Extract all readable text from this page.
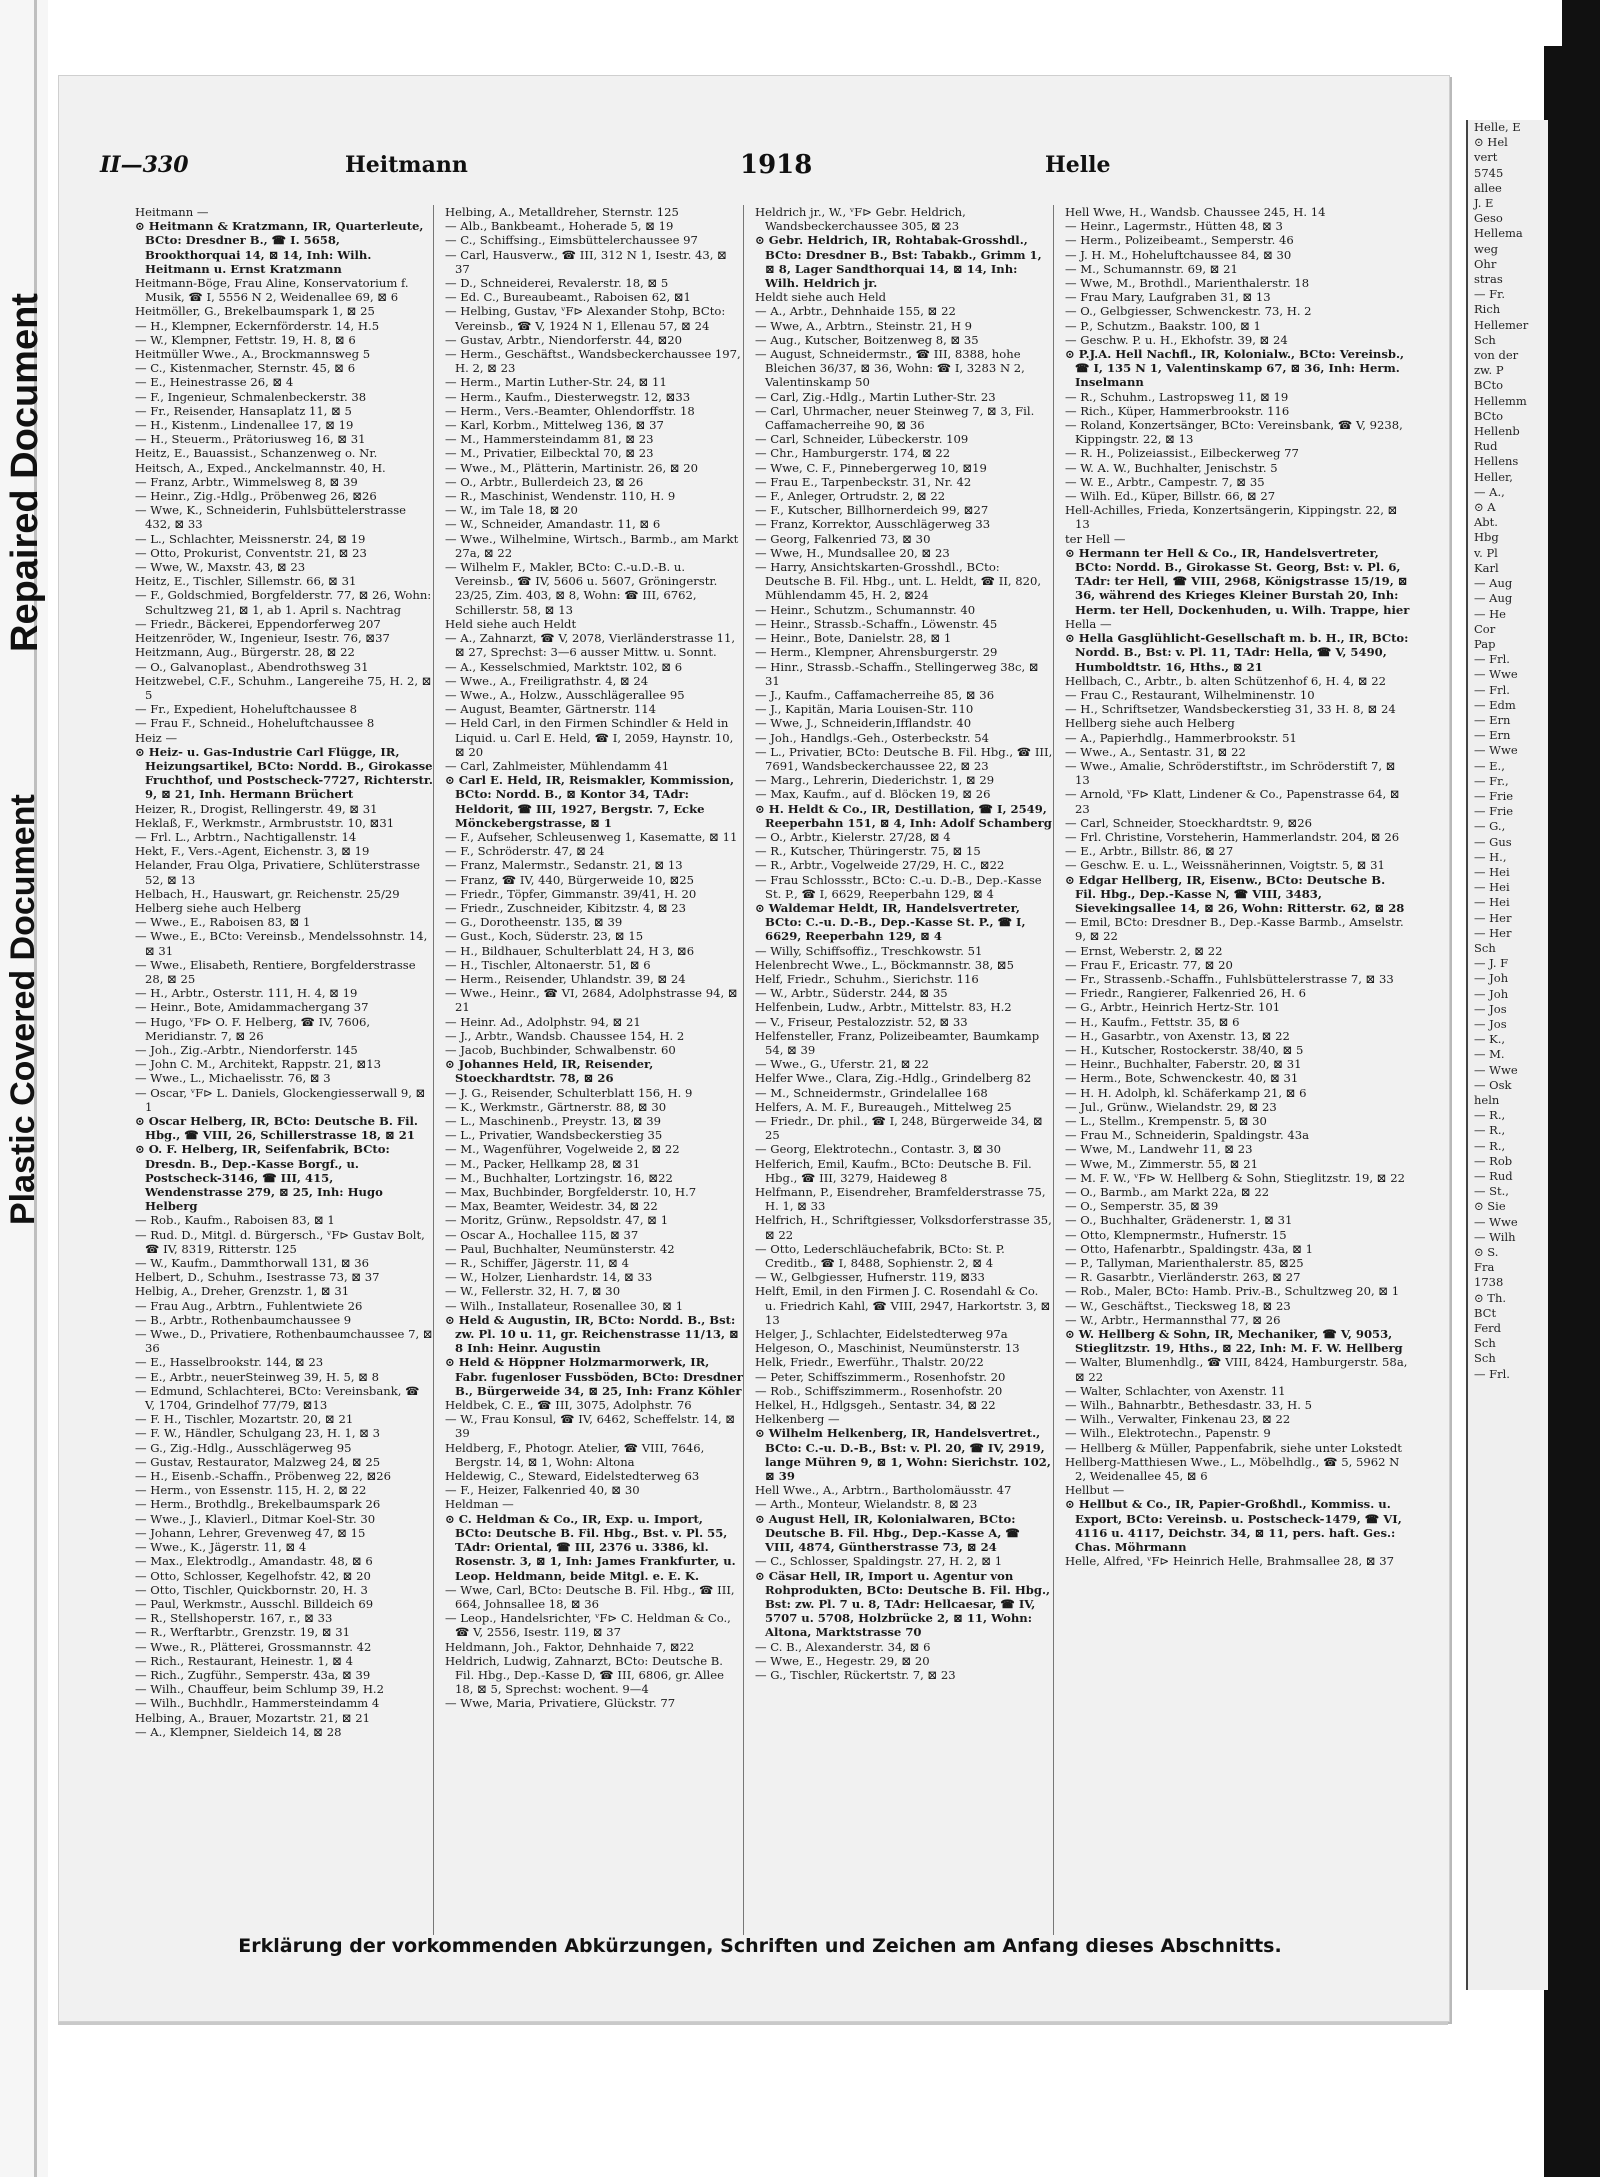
Repaired Document
Plastic Covered Document
II—330	Heitmann	1918	Helle

Heitmann —

⊙ Heitmann & Kratzmann, IR, Quarterleute, BCto: Dresdner B., ☎ I. 5658, Brookthorquai 14, ⊠ 14, Inh: Wilh. Heitmann u. Ernst Kratzmann

Heitmann-Böge, Frau Aline, Konservatorium f. Musik, ☎ I, 5556 N 2, Weidenallee 69, ⊠ 6

Heitmöller, G., Brekelbaumspark 1, ⊠ 25

— H., Klempner, Eckernförderstr. 14, H.5

— W., Klempner, Fettstr. 19, H. 8, ⊠ 6

Heitmüller Wwe., A., Brockmannsweg 5

— C., Kistenmacher, Sternstr. 45, ⊠ 6

— E., Heinestrasse 26, ⊠ 4

— F., Ingenieur, Schmalenbeckerstr. 38

— Fr., Reisender, Hansaplatz 11, ⊠ 5

— H., Kistenm., Lindenallee 17, ⊠ 19

— H., Steuerm., Prätoriusweg 16, ⊠ 31

Heitz, E., Bauassist., Schanzenweg o. Nr.

Heitsch, A., Exped., Anckelmannstr. 40, H.

— Franz, Arbtr., Wimmelsweg 8, ⊠ 39

— Heinr., Zig.-Hdlg., Pröbenweg 26, ⊠26

— Wwe, K., Schneiderin, Fuhlsbüttelerstrasse 432, ⊠ 33

— L., Schlachter, Meissnerstr. 24, ⊠ 19

— Otto, Prokurist, Conventstr. 21, ⊠ 23

— Wwe, W., Maxstr. 43, ⊠ 23

Heitz, E., Tischler, Sillemstr. 66, ⊠ 31

— F., Goldschmied, Borgfelderstr. 77, ⊠ 26, Wohn: Schultzweg 21, ⊠ 1, ab 1. April s. Nachtrag

— Friedr., Bäckerei, Eppendorferweg 207

Heitzenröder, W., Ingenieur, Isestr. 76, ⊠37

Heitzmann, Aug., Bürgerstr. 28, ⊠ 22

— O., Galvanoplast., Abendrothsweg 31

Heitzwebel, C.F., Schuhm., Langereihe 75, H. 2, ⊠ 5

— Fr., Expedient, Hoheluftchaussee 8

— Frau F., Schneid., Hoheluftchaussee 8

Heiz —

⊙ Heiz- u. Gas-Industrie Carl Flügge, IR, Heizungsartikel, BCto: Nordd. B., Girokasse Fruchthof, und Postscheck-7727, Richterstr. 9, ⊠ 21, Inh. Hermann Brüchert

Heizer, R., Drogist, Rellingerstr. 49, ⊠ 31

Heklaß, F., Werkmstr., Armbruststr. 10, ⊠31

— Frl. L., Arbtrn., Nachtigallenstr. 14

Hekt, F., Vers.-Agent, Eichenstr. 3, ⊠ 19

Helander, Frau Olga, Privatiere, Schlüterstrasse 52, ⊠ 13

Helbach, H., Hauswart, gr. Reichenstr. 25/29

Helberg siehe auch Helberg

— Wwe., E., Raboisen 83, ⊠ 1

— Wwe., E., BCto: Vereinsb., Mendelssohnstr. 14, ⊠ 31

— Wwe., Elisabeth, Rentiere, Borgfelderstrasse 28, ⊠ 25

— H., Arbtr., Osterstr. 111, H. 4, ⊠ 19

— Heinr., Bote, Amidammachergang 37

— Hugo, ᵛF⊳ O. F. Helberg, ☎ IV, 7606, Meridianstr. 7, ⊠ 26

— Joh., Zig.-Arbtr., Niendorferstr. 145

— John C. M., Architekt, Rappstr. 21, ⊠13

— Wwe., L., Michaelisstr. 76, ⊠ 3

— Oscar, ᵛF⊳ L. Daniels, Glockengiesserwall 9, ⊠ 1

⊙ Oscar Helberg, IR, BCto: Deutsche B. Fil. Hbg., ☎ VIII, 26, Schillerstrasse 18, ⊠ 21

⊙ O. F. Helberg, IR, Seifenfabrik, BCto: Dresdn. B., Dep.-Kasse Borgf., u. Postscheck-3146, ☎ III, 415, Wendenstrasse 279, ⊠ 25, Inh: Hugo Helberg

— Rob., Kaufm., Raboisen 83, ⊠ 1

— Rud. D., Mitgl. d. Bürgersch., ᵛF⊳ Gustav Bolt, ☎ IV, 8319, Ritterstr. 125

— W., Kaufm., Dammthorwall 131, ⊠ 36

Helbert, D., Schuhm., Isestrasse 73, ⊠ 37

Helbig, A., Dreher, Grenzstr. 1, ⊠ 31

— Frau Aug., Arbtrn., Fuhlentwiete 26

— B., Arbtr., Rothenbaumchaussee 9

— Wwe., D., Privatiere, Rothenbaumchaussee 7, ⊠ 36

— E., Hasselbrookstr. 144, ⊠ 23

— E., Arbtr., neuerSteinweg 39, H. 5, ⊠ 8

— Edmund, Schlachterei, BCto: Vereinsbank, ☎ V, 1704, Grindelhof 77/79, ⊠13

— F. H., Tischler, Mozartstr. 20, ⊠ 21

— F. W., Händler, Schulgang 23, H. 1, ⊠ 3

— G., Zig.-Hdlg., Ausschlägerweg 95

— Gustav, Restaurator, Malzweg 24, ⊠ 25

— H., Eisenb.-Schaffn., Pröbenweg 22, ⊠26

— Herm., von Essenstr. 115, H. 2, ⊠ 22

— Herm., Brothdlg., Brekelbaumspark 26

— Wwe., J., Klavierl., Ditmar Koel-Str. 30

— Johann, Lehrer, Grevenweg 47, ⊠ 15

— Wwe., K., Jägerstr. 11, ⊠ 4

— Max., Elektrodlg., Amandastr. 48, ⊠ 6

— Otto, Schlosser, Kegelhofstr. 42, ⊠ 20

— Otto, Tischler, Quickbornstr. 20, H. 3

— Paul, Werkmstr., Ausschl. Billdeich 69

— R., Stellshoperstr. 167, r., ⊠ 33

— R., Werftarbtr., Grenzstr. 19, ⊠ 31

— Wwe., R., Plätterei, Grossmannstr. 42

— Rich., Restaurant, Heinestr. 1, ⊠ 4

— Rich., Zugführ., Semperstr. 43a, ⊠ 39

— Wilh., Chauffeur, beim Schlump 39, H.2

— Wilh., Buchhdlr., Hammersteindamm 4

Helbing, A., Brauer, Mozartstr. 21, ⊠ 21

— A., Klempner, Sieldeich 14, ⊠ 28

Helbing, A., Metalldreher, Sternstr. 125

— Alb., Bankbeamt., Hoherade 5, ⊠ 19

— C., Schiffsing., Eimsbüttelerchaussee 97

— Carl, Hausverw., ☎ III, 312 N 1, Isestr. 43, ⊠ 37

— D., Schneiderei, Revalerstr. 18, ⊠ 5

— Ed. C., Bureaubeamt., Raboisen 62, ⊠1

— Helbing, Gustav, ᵛF⊳ Alexander Stohp, BCto: Vereinsb., ☎ V, 1924 N 1, Ellenau 57, ⊠ 24

— Gustav, Arbtr., Niendorferstr. 44, ⊠20

— Herm., Geschäftst., Wandsbeckerchaussee 197, H. 2, ⊠ 23

— Herm., Martin Luther-Str. 24, ⊠ 11

— Herm., Kaufm., Diesterwegstr. 12, ⊠33

— Herm., Vers.-Beamter, Ohlendorffstr. 18

— Karl, Korbm., Mittelweg 136, ⊠ 37

— M., Hammersteindamm 81, ⊠ 23

— M., Privatier, Eilbecktal 70, ⊠ 23

— Wwe., M., Plätterin, Martinistr. 26, ⊠ 20

— O., Arbtr., Bullerdeich 23, ⊠ 26

— R., Maschinist, Wendenstr. 110, H. 9

— W., im Tale 18, ⊠ 20

— W., Schneider, Amandastr. 11, ⊠ 6

— Wwe., Wilhelmine, Wirtsch., Barmb., am Markt 27a, ⊠ 22

— Wilhelm F., Makler, BCto: C.-u.D.-B. u. Vereinsb., ☎ IV, 5606 u. 5607, Gröningerstr. 23/25, Zim. 403, ⊠ 8, Wohn: ☎ III, 6762, Schillerstr. 58, ⊠ 13

Held siehe auch Heldt

— A., Zahnarzt, ☎ V, 2078, Vierländerstrasse 11, ⊠ 27, Sprechst: 3—6 ausser Mittw. u. Sonnt.

— A., Kesselschmied, Marktstr. 102, ⊠ 6

— Wwe., A., Freiligrathstr. 4, ⊠ 24

— Wwe., A., Holzw., Ausschlägerallee 95

— August, Beamter, Gärtnerstr. 114

— Held Carl, in den Firmen Schindler & Held in Liquid. u. Carl E. Held, ☎ I, 2059, Haynstr. 10, ⊠ 20

— Carl, Zahlmeister, Mühlendamm 41

⊙ Carl E. Held, IR, Reismakler, Kommission, BCto: Nordd. B., ⊠ Kontor 34, TAdr: Heldorit, ☎ III, 1927, Bergstr. 7, Ecke Mönckebergstrasse, ⊠ 1

— F., Aufseher, Schleusenweg 1, Kasematte, ⊠ 11

— F., Schröderstr. 47, ⊠ 24

— Franz, Malermstr., Sedanstr. 21, ⊠ 13

— Franz, ☎ IV, 440, Bürgerweide 10, ⊠25

— Friedr., Töpfer, Gimmanstr. 39/41, H. 20

— Friedr., Zuschneider, Kibitzstr. 4, ⊠ 23

— G., Dorotheenstr. 135, ⊠ 39

— Gust., Koch, Süderstr. 23, ⊠ 15

— H., Bildhauer, Schulterblatt 24, H 3, ⊠6

— H., Tischler, Altonaerstr. 51, ⊠ 6

— Herm., Reisender, Uhlandstr. 39, ⊠ 24

— Wwe., Heinr., ☎ VI, 2684, Adolphstrasse 94, ⊠ 21

— Heinr. Ad., Adolphstr. 94, ⊠ 21

— J., Arbtr., Wandsb. Chaussee 154, H. 2

— Jacob, Buchbinder, Schwalbenstr. 60

⊙ Johannes Held, IR, Reisender, Stoeckhardtstr. 78, ⊠ 26

— J. G., Reisender, Schulterblatt 156, H. 9

— K., Werkmstr., Gärtnerstr. 88, ⊠ 30

— L., Maschinenb., Preystr. 13, ⊠ 39

— L., Privatier, Wandsbeckerstieg 35

— M., Wagenführer, Vogelweide 2, ⊠ 22

— M., Packer, Hellkamp 28, ⊠ 31

— M., Buchhalter, Lortzingstr. 16, ⊠22

— Max, Buchbinder, Borgfelderstr. 10, H.7

— Max, Beamter, Weidestr. 34, ⊠ 22

— Moritz, Grünw., Repsoldstr. 47, ⊠ 1

— Oscar A., Hochallee 115, ⊠ 37

— Paul, Buchhalter, Neumünsterstr. 42

— R., Schiffer, Jägerstr. 11, ⊠ 4

— W., Holzer, Lienhardstr. 14, ⊠ 33

— W., Fellerstr. 32, H. 7, ⊠ 30

— Wilh., Installateur, Rosenallee 30, ⊠ 1

⊙ Held & Augustin, IR, BCto: Nordd. B., Bst: zw. Pl. 10 u. 11, gr. Reichenstrasse 11/13, ⊠ 8 Inh: Heinr. Augustin

⊙ Held & Höppner Holzmarmorwerk, IR, Fabr. fugenloser Fussböden, BCto: Dresdner B., Bürgerweide 34, ⊠ 25, Inh: Franz Köhler

Heldbek, C. E., ☎ III, 3075, Adolphstr. 76

— W., Frau Konsul, ☎ IV, 6462, Scheffelstr. 14, ⊠ 39

Heldberg, F., Photogr. Atelier, ☎ VIII, 7646, Bergstr. 14, ⊠ 1, Wohn: Altona

Heldewig, C., Steward, Eidelstedterweg 63

— F., Heizer, Falkenried 40, ⊠ 30

Heldman —

⊙ C. Heldman & Co., IR, Exp. u. Import, BCto: Deutsche B. Fil. Hbg., Bst. v. Pl. 55, TAdr: Oriental, ☎ III, 2376 u. 3386, kl. Rosenstr. 3, ⊠ 1, Inh: James Frankfurter, u. Leop. Heldmann, beide Mitgl. e. E. K.

— Wwe, Carl, BCto: Deutsche B. Fil. Hbg., ☎ III, 664, Johnsallee 18, ⊠ 36

— Leop., Handelsrichter, ᵛF⊳ C. Heldman & Co., ☎ V, 2556, Isestr. 119, ⊠ 37

Heldmann, Joh., Faktor, Dehnhaide 7, ⊠22

Heldrich, Ludwig, Zahnarzt, BCto: Deutsche B. Fil. Hbg., Dep.-Kasse D, ☎ III, 6806, gr. Allee 18, ⊠ 5, Sprechst: wochent. 9—4

— Wwe, Maria, Privatiere, Glückstr. 77

Heldrich jr., W., ᵛF⊳ Gebr. Heldrich, Wandsbeckerchaussee 305, ⊠ 23

⊙ Gebr. Heldrich, IR, Rohtabak-Grosshdl., BCto: Dresdner B., Bst: Tabakb., Grimm 1, ⊠ 8, Lager Sandthorquai 14, ⊠ 14, Inh: Wilh. Heldrich jr.

Heldt siehe auch Held

— A., Arbtr., Dehnhaide 155, ⊠ 22

— Wwe, A., Arbtrn., Steinstr. 21, H 9

— Aug., Kutscher, Boitzenweg 8, ⊠ 35

— August, Schneidermstr., ☎ III, 8388, hohe Bleichen 36/37, ⊠ 36, Wohn: ☎ I, 3283 N 2, Valentinskamp 50

— Carl, Zig.-Hdlg., Martin Luther-Str. 23

— Carl, Uhrmacher, neuer Steinweg 7, ⊠ 3, Fil. Caffamacherreihe 90, ⊠ 36

— Carl, Schneider, Lübeckerstr. 109

— Chr., Hamburgerstr. 174, ⊠ 22

— Wwe, C. F., Pinnebergerweg 10, ⊠19

— Frau E., Tarpenbeckstr. 31, Nr. 42

— F., Anleger, Ortrudstr. 2, ⊠ 22

— F., Kutscher, Billhornerdeich 99, ⊠27

— Franz, Korrektor, Ausschlägerweg 33

— Georg, Falkenried 73, ⊠ 30

— Wwe, H., Mundsallee 20, ⊠ 23

— Harry, Ansichtskarten-Grosshdl., BCto: Deutsche B. Fil. Hbg., unt. L. Heldt, ☎ II, 820, Mühlendamm 45, H. 2, ⊠24

— Heinr., Schutzm., Schumannstr. 40

— Heinr., Strassb.-Schaffn., Löwenstr. 45

— Heinr., Bote, Danielstr. 28, ⊠ 1

— Herm., Klempner, Ahrensburgerstr. 29

— Hinr., Strassb.-Schaffn., Stellingerweg 38c, ⊠ 31

— J., Kaufm., Caffamacherreihe 85, ⊠ 36

— J., Kapitän, Maria Louisen-Str. 110

— Wwe, J., Schneiderin,Ifflandstr. 40

— Joh., Handlgs.-Geh., Osterbeckstr. 54

— L., Privatier, BCto: Deutsche B. Fil. Hbg., ☎ III, 7691, Wandsbeckerchaussee 22, ⊠ 23

— Marg., Lehrerin, Diederichstr. 1, ⊠ 29

— Max, Kaufm., auf d. Blöcken 19, ⊠ 26

⊙ H. Heldt & Co., IR, Destillation, ☎ I, 2549, Reeperbahn 151, ⊠ 4, Inh: Adolf Schamberg

— O., Arbtr., Kielerstr. 27/28, ⊠ 4

— R., Kutscher, Thüringerstr. 75, ⊠ 15

— R., Arbtr., Vogelweide 27/29, H. C., ⊠22

— Frau Schlossstr., BCto: C.-u. D.-B., Dep.-Kasse St. P., ☎ I, 6629, Reeperbahn 129, ⊠ 4

⊙ Waldemar Heldt, IR, Handelsvertreter, BCto: C.-u. D.-B., Dep.-Kasse St. P., ☎ I, 6629, Reeperbahn 129, ⊠ 4

— Willy, Schiffsoffiz., Treschkowstr. 51

Helenbrecht Wwe., L., Böckmannstr. 38, ⊠5

Helf, Friedr., Schuhm., Sierichstr. 116

— W., Arbtr., Süderstr. 244, ⊠ 35

Helfenbein, Ludw., Arbtr., Mittelstr. 83, H.2

— V., Friseur, Pestalozzistr. 52, ⊠ 33

Helfensteller, Franz, Polizeibeamter, Baumkamp 54, ⊠ 39

— Wwe., G., Uferstr. 21, ⊠ 22

Helfer Wwe., Clara, Zig.-Hdlg., Grindelberg 82

— M., Schneidermstr., Grindelallee 168

Helfers, A. M. F., Bureaugeh., Mittelweg 25

— Friedr., Dr. phil., ☎ I, 248, Bürgerweide 34, ⊠ 25

— Georg, Elektrotechn., Contastr. 3, ⊠ 30

Helferich, Emil, Kaufm., BCto: Deutsche B. Fil. Hbg., ☎ III, 3279, Haideweg 8

Helfmann, P., Eisendreher, Bramfelderstrasse 75, H. 1, ⊠ 33

Helfrich, H., Schriftgiesser, Volksdorferstrasse 35, ⊠ 22

— Otto, Lederschläuchefabrik, BCto: St. P. Creditb., ☎ I, 8488, Sophienstr. 2, ⊠ 4

— W., Gelbgiesser, Hufnerstr. 119, ⊠33

Helft, Emil, in den Firmen J. C. Rosendahl & Co. u. Friedrich Kahl, ☎ VIII, 2947, Harkortstr. 3, ⊠ 13

Helger, J., Schlachter, Eidelstedterweg 97a

Helgeson, O., Maschinist, Neumünsterstr. 13

Helk, Friedr., Ewerführ., Thalstr. 20/22

— Peter, Schiffszimmerm., Rosenhofstr. 20

— Rob., Schiffszimmerm., Rosenhofstr. 20

Helkel, H., Hdlgsgeh., Sentastr. 34, ⊠ 22

Helkenberg —

⊙ Wilhelm Helkenberg, IR, Handelsvertret., BCto: C.-u. D.-B., Bst: v. Pl. 20, ☎ IV, 2919, lange Mühren 9, ⊠ 1, Wohn: Sierichstr. 102, ⊠ 39

Hell Wwe., A., Arbtrn., Bartholomäusstr. 47

— Arth., Monteur, Wielandstr. 8, ⊠ 23

⊙ August Hell, IR, Kolonialwaren, BCto: Deutsche B. Fil. Hbg., Dep.-Kasse A, ☎ VIII, 4874, Güntherstrasse 73, ⊠ 24

— C., Schlosser, Spaldingstr. 27, H. 2, ⊠ 1

⊙ Cäsar Hell, IR, Import u. Agentur von Rohprodukten, BCto: Deutsche B. Fil. Hbg., Bst: zw. Pl. 7 u. 8, TAdr: Hellcaesar, ☎ IV, 5707 u. 5708, Holzbrücke 2, ⊠ 11, Wohn: Altona, Marktstrasse 70

— C. B., Alexanderstr. 34, ⊠ 6

— Wwe, E., Hegestr. 29, ⊠ 20

— G., Tischler, Rückertstr. 7, ⊠ 23

Hell Wwe, H., Wandsb. Chaussee 245, H. 14

— Heinr., Lagermstr., Hütten 48, ⊠ 3

— Herm., Polizeibeamt., Semperstr. 46

— J. H. M., Hoheluftchaussee 84, ⊠ 30

— M., Schumannstr. 69, ⊠ 21

— Wwe, M., Brothdl., Marienthalerstr. 18

— Frau Mary, Laufgraben 31, ⊠ 13

— O., Gelbgiesser, Schwenckestr. 73, H. 2

— P., Schutzm., Baakstr. 100, ⊠ 1

— Geschw. P. u. H., Ekhofstr. 39, ⊠ 24

⊙ P.J.A. Hell Nachfl., IR, Kolonialw., BCto: Vereinsb., ☎ I, 135 N 1, Valentinskamp 67, ⊠ 36, Inh: Herm. Inselmann

— R., Schuhm., Lastropsweg 11, ⊠ 19

— Rich., Küper, Hammerbrookstr. 116

— Roland, Konzertsänger, BCto: Vereinsbank, ☎ V, 9238, Kippingstr. 22, ⊠ 13

— R. H., Polizeiassist., Eilbeckerweg 77

— W. A. W., Buchhalter, Jenischstr. 5

— W. E., Arbtr., Campestr. 7, ⊠ 35

— Wilh. Ed., Küper, Billstr. 66, ⊠ 27

Hell-Achilles, Frieda, Konzertsängerin, Kippingstr. 22, ⊠ 13

ter Hell —

⊙ Hermann ter Hell & Co., IR, Handelsvertreter, BCto: Nordd. B., Girokasse St. Georg, Bst: v. Pl. 6, TAdr: ter Hell, ☎ VIII, 2968, Königstrasse 15/19, ⊠ 36, während des Krieges Kleiner Burstah 20, Inh: Herm. ter Hell, Dockenhuden, u. Wilh. Trappe, hier

Hella —

⊙ Hella Gasglühlicht-Gesellschaft m. b. H., IR, BCto: Nordd. B., Bst: v. Pl. 11, TAdr: Hella, ☎ V, 5490, Humboldtstr. 16, Hths., ⊠ 21

Hellbach, C., Arbtr., b. alten Schützenhof 6, H. 4, ⊠ 22

— Frau C., Restaurant, Wilhelminenstr. 10

— H., Schriftsetzer, Wandsbeckerstieg 31, 33 H. 8, ⊠ 24

Hellberg siehe auch Helberg

— A., Papierhdlg., Hammerbrookstr. 51

— Wwe., A., Sentastr. 31, ⊠ 22

— Wwe., Amalie, Schröderstiftstr., im Schröderstift 7, ⊠ 13

— Arnold, ᵛF⊳ Klatt, Lindener & Co., Papenstrasse 64, ⊠ 23

— Carl, Schneider, Stoeckhardtstr. 9, ⊠26

— Frl. Christine, Vorsteherin, Hammerlandstr. 204, ⊠ 26

— E., Arbtr., Billstr. 86, ⊠ 27

— Geschw. E. u. L., Weissnäherinnen, Voigtstr. 5, ⊠ 31

⊙ Edgar Hellberg, IR, Eisenw., BCto: Deutsche B. Fil. Hbg., Dep.-Kasse N, ☎ VIII, 3483, Sievekingsallee 14, ⊠ 26, Wohn: Ritterstr. 62, ⊠ 28

— Emil, BCto: Dresdner B., Dep.-Kasse Barmb., Amselstr. 9, ⊠ 22

— Ernst, Weberstr. 2, ⊠ 22

— Frau F., Ericastr. 77, ⊠ 20

— Fr., Strassenb.-Schaffn., Fuhlsbüttelerstrasse 7, ⊠ 33

— Friedr., Rangierer, Falkenried 26, H. 6

— G., Arbtr., Heinrich Hertz-Str. 101

— H., Kaufm., Fettstr. 35, ⊠ 6

— H., Gasarbtr., von Axenstr. 13, ⊠ 22

— H., Kutscher, Rostockerstr. 38/40, ⊠ 5

— Heinr., Buchhalter, Faberstr. 20, ⊠ 31

— Herm., Bote, Schwenckestr. 40, ⊠ 31

— H. H. Adolph, kl. Schäferkamp 21, ⊠ 6

— Jul., Grünw., Wielandstr. 29, ⊠ 23

— L., Stellm., Krempenstr. 5, ⊠ 30

— Frau M., Schneiderin, Spaldingstr. 43a

— Wwe, M., Landwehr 11, ⊠ 23

— Wwe, M., Zimmerstr. 55, ⊠ 21

— M. F. W., ᵛF⊳ W. Hellberg & Sohn, Stieglitzstr. 19, ⊠ 22

— O., Barmb., am Markt 22a, ⊠ 22

— O., Semperstr. 35, ⊠ 39

— O., Buchhalter, Grädenerstr. 1, ⊠ 31

— Otto, Klempnermstr., Hufnerstr. 15

— Otto, Hafenarbtr., Spaldingstr. 43a, ⊠ 1

— P., Tallyman, Marienthalerstr. 85, ⊠25

— R. Gasarbtr., Vierländerstr. 263, ⊠ 27

— Rob., Maler, BCto: Hamb. Priv.-B., Schultzweg 20, ⊠ 1

— W., Geschäftst., Tiecksweg 18, ⊠ 23

— W., Arbtr., Hermannsthal 77, ⊠ 26

⊙ W. Hellberg & Sohn, IR, Mechaniker, ☎ V, 9053, Stieglitzstr. 19, Hths., ⊠ 22, Inh: M. F. W. Hellberg

— Walter, Blumenhdlg., ☎ VIII, 8424, Hamburgerstr. 58a, ⊠ 22

— Walter, Schlachter, von Axenstr. 11

— Wilh., Bahnarbtr., Bethesdastr. 33, H. 5

— Wilh., Verwalter, Finkenau 23, ⊠ 22

— Wilh., Elektrotechn., Papenstr. 9

— Hellberg & Müller, Pappenfabrik, siehe unter Lokstedt

Hellberg-Matthiesen Wwe., L., Möbelhdlg., ☎ 5, 5962 N 2, Weidenallee 45, ⊠ 6

Hellbut —

⊙ Hellbut & Co., IR, Papier-Großhdl., Kommiss. u. Export, BCto: Vereinsb. u. Postscheck-1479, ☎ VI, 4116 u. 4117, Deichstr. 34, ⊠ 11, pers. haft. Ges.: Chas. Möhrmann

Helle, Alfred, ᵛF⊳ Heinrich Helle, Brahmsallee 28, ⊠ 37

Helle, E
⊙ Hel
vert
5745
allee
J. E
Geso
Hellema
weg
Ohr
stras
— Fr.
Rich
Hellemer
Sch
von der
zw. P
BCto
Hellemm
BCto
Hellenb
Rud
Hellens
Heller,
— A.,
⊙ A
Abt.
Hbg
v. Pl
Karl
— Aug
— Aug
— He
Cor
Pap
— Frl.
— Wwe
— Frl.
— Edm
— Ern
— Ern
— Wwe
— E.,
— Fr.,
— Frie
— Frie
— G.,
— Gus
— H.,
— Hei
— Hei
— Hei
— Her
— Her
Sch
— J. F
— Joh
— Joh
— Jos
— Jos
— K.,
— M.
— Wwe
— Osk
heln
— R.,
— R.,
— R.,
— Rob
— Rud
— St.,
⊙ Sie
— Wwe
— Wilh
⊙ S.
Fra
1738
⊙ Th.
BCt
Ferd
Sch
Sch
— Frl.
Erklärung der vorkommenden Abkürzungen, Schriften und Zeichen am Anfang dieses Abschnitts.
